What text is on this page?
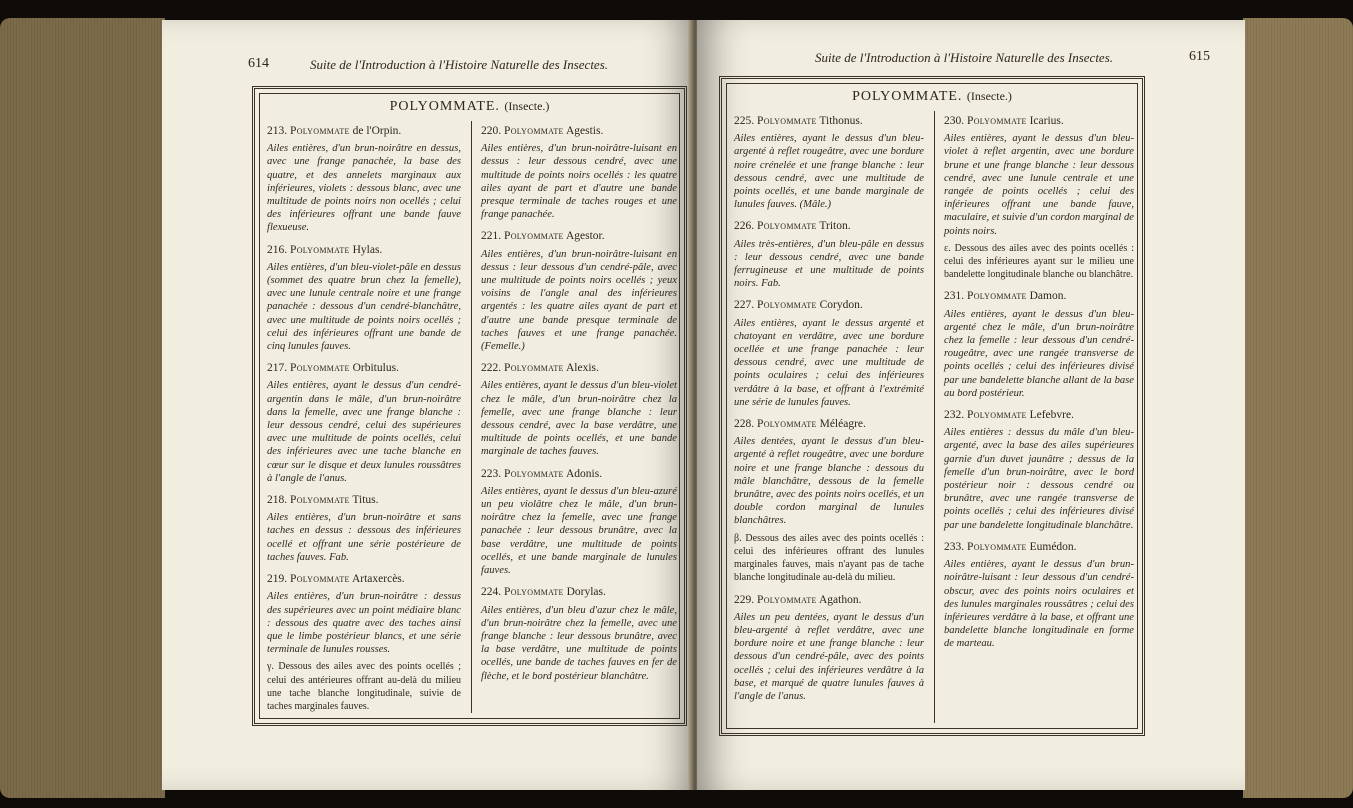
614	Suite de l'Introduction à l'Histoire Naturelle des Insectes.
POLYOMMATE. (Insecte.)
213. Polyommate de l'Orpin.
Ailes entières, d'un brun-noirâtre en dessus, avec une frange panachée, la base des quatre, et des annelets marginaux aux inférieures, violets : dessous blanc, avec une multitude de points noirs non ocellés ; celui des inférieures offrant une bande fauve flexueuse.
216. Polyommate Hylas.
Ailes entières, d'un bleu-violet-pâle en dessus (sommet des quatre brun chez la femelle), avec une lunule centrale noire et une frange panachée : dessous d'un cendré-blanchâtre, avec une multitude de points noirs ocellés ; celui des inférieures offrant une bande de cinq lunules fauves.
217. Polyommate Orbitulus.
Ailes entières, ayant le dessus d'un cendré-argentin dans le mâle, d'un brun-noirâtre dans la femelle, avec une frange blanche : leur dessous cendré, celui des supérieures avec une multitude de points ocellés, celui des inférieures avec une tache blanche en cœur sur le disque et deux lunules roussâtres à l'angle de l'anus.
218. Polyommate Titus.
Ailes entières, d'un brun-noirâtre et sans taches en dessus : dessous des inférieures ocellé et offrant une série postérieure de taches fauves. Fab.
219. Polyommate Artaxercès.
Ailes entières, d'un brun-noirâtre : dessus des supérieures avec un point médiaire blanc : dessous des quatre avec des taches ainsi que le limbe postérieur blancs, et une série terminale de lunules rousses.
γ. Dessous des ailes avec des points ocellés ; celui des antérieures offrant au-delà du milieu une tache blanche longitudinale, suivie de taches marginales fauves.
220. Polyommate Agestis.
Ailes entières, d'un brun-noirâtre-luisant en dessus : leur dessous cendré, avec une multitude de points noirs ocellés : les quatre ailes ayant de part et d'autre une bande presque terminale de taches rouges et une frange panachée.
221. Polyommate Agestor.
Ailes entières, d'un brun-noirâtre-luisant en dessus : leur dessous d'un cendré-pâle, avec une multitude de points noirs ocellés ; yeux voisins de l'angle anal des inférieures argentés : les quatre ailes ayant de part et d'autre une bande presque terminale de taches fauves et une frange panachée. (Femelle.)
222. Polyommate Alexis.
Ailes entières, ayant le dessus d'un bleu-violet chez le mâle, d'un brun-noirâtre chez la femelle, avec une frange blanche : leur dessous cendré, avec la base verdâtre, une multitude de points ocellés, et une bande marginale de taches fauves.
223. Polyommate Adonis.
Ailes entières, ayant le dessus d'un bleu-azuré un peu violâtre chez le mâle, d'un brun-noirâtre chez la femelle, avec une frange panachée : leur dessous brunâtre, avec la base verdâtre, une multitude de points ocellés, et une bande marginale de lunules fauves.
224. Polyommate Dorylas.
Ailes entières, d'un bleu d'azur chez le mâle, d'un brun-noirâtre chez la femelle, avec une frange blanche : leur dessous brunâtre, avec la base verdâtre, une multitude de points ocellés, une bande de taches fauves en fer de flèche, et le bord postérieur blanchâtre.
Suite de l'Introduction à l'Histoire Naturelle des Insectes.	615
POLYOMMATE. (Insecte.)
225. Polyommate Tithonus.
Ailes entières, ayant le dessus d'un bleu-argenté à reflet rougeâtre, avec une bordure noire crénelée et une frange blanche : leur dessous cendré, avec une multitude de points ocellés, et une bande marginale de lunules fauves. (Mâle.)
226. Polyommate Triton.
Ailes très-entières, d'un bleu-pâle en dessus : leur dessous cendré, avec une bande ferrugineuse et une multitude de points noirs. Fab.
227. Polyommate Corydon.
Ailes entières, ayant le dessus argenté et chatoyant en verdâtre, avec une bordure ocellée et une frange panachée : leur dessous cendré, avec une multitude de points oculaires ; celui des inférieures verdâtre à la base, et offrant à l'extrémité une série de lunules fauves.
228. Polyommate Méléagre.
Ailes dentées, ayant le dessus d'un bleu-argenté à reflet rougeâtre, avec une bordure noire et une frange blanche : dessous du mâle blanchâtre, dessous de la femelle brunâtre, avec des points noirs ocellés, et un double cordon marginal de lunules blanchâtres.
β. Dessous des ailes avec des points ocellés : celui des inférieures offrant des lunules marginales fauves, mais n'ayant pas de tache blanche longitudinale au-delà du milieu.
229. Polyommate Agathon.
Ailes un peu dentées, ayant le dessus d'un bleu-argenté à reflet verdâtre, avec une bordure noire et une frange blanche : leur dessous d'un cendré-pâle, avec des points ocellés ; celui des inférieures verdâtre à la base, et marqué de quatre lunules fauves à l'angle de l'anus.
230. Polyommate Icarius.
Ailes entières, ayant le dessus d'un bleu-violet à reflet argentin, avec une bordure brune et une frange blanche : leur dessous cendré, avec une lunule centrale et une rangée de points ocellés ; celui des inférieures offrant une bande fauve, maculaire, et suivie d'un cordon marginal de points noirs.
ε. Dessous des ailes avec des points ocellés : celui des inférieures ayant sur le milieu une bandelette longitudinale blanche ou blanchâtre.
231. Polyommate Damon.
Ailes entières, ayant le dessus d'un bleu-argenté chez le mâle, d'un brun-noirâtre chez la femelle : leur dessous d'un cendré-rougeâtre, avec une rangée transverse de points ocellés ; celui des inférieures divisé par une bandelette blanche allant de la base au bord postérieur.
232. Polyommate Lefebvre.
Ailes entières : dessus du mâle d'un bleu-argenté, avec la base des ailes supérieures garnie d'un duvet jaunâtre ; dessus de la femelle d'un brun-noirâtre, avec le bord postérieur noir : dessous cendré ou brunâtre, avec une rangée transverse de points ocellés ; celui des inférieures divisé par une bandelette longitudinale blanchâtre.
233. Polyommate Eumédon.
Ailes entières, ayant le dessus d'un brun-noirâtre-luisant : leur dessous d'un cendré-obscur, avec des points noirs oculaires et des lunules marginales roussâtres ; celui des inférieures verdâtre à la base, et offrant une bandelette blanche longitudinale en forme de marteau.
